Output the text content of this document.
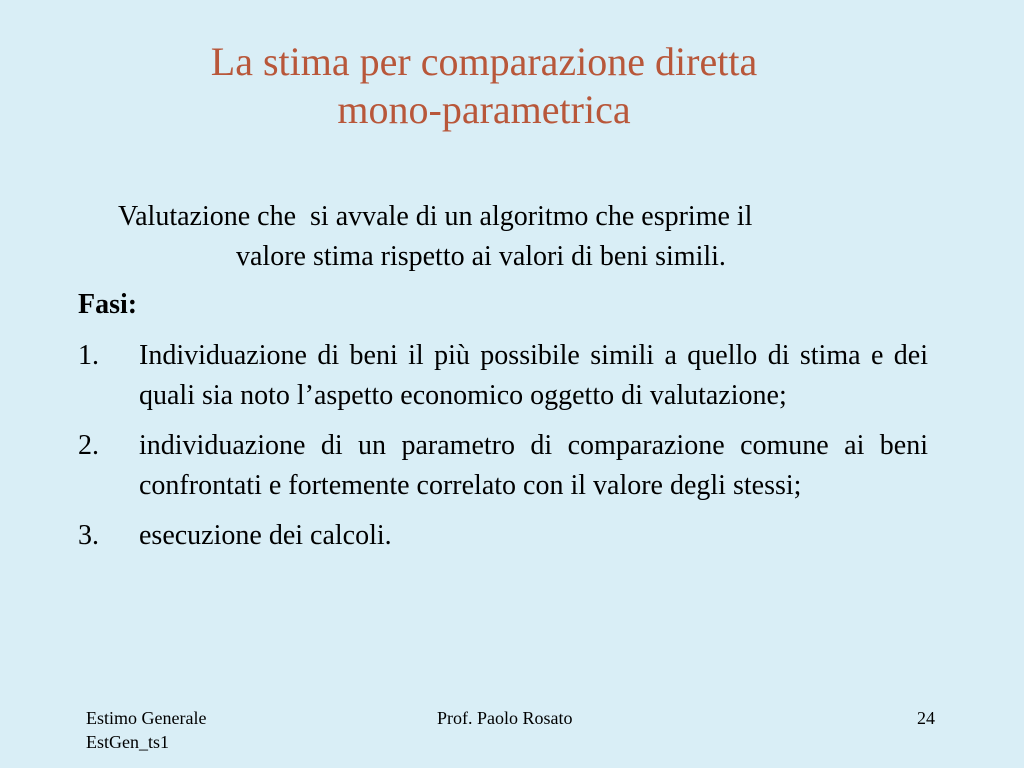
La stima per comparazione diretta
mono-parametrica
Valutazione che  si avvale di un algoritmo che esprime il
valore stima rispetto ai valori di beni simili.
Fasi:
1. Individuazione di beni il più possibile simili a quello di stima e dei quali sia noto l’aspetto economico oggetto di valutazione;
2. individuazione di un parametro di comparazione comune ai beni confrontati e fortemente correlato con il valore degli stessi;
3. esecuzione dei calcoli.
Estimo Generale
EstGen_ts1
Prof. Paolo Rosato	24
